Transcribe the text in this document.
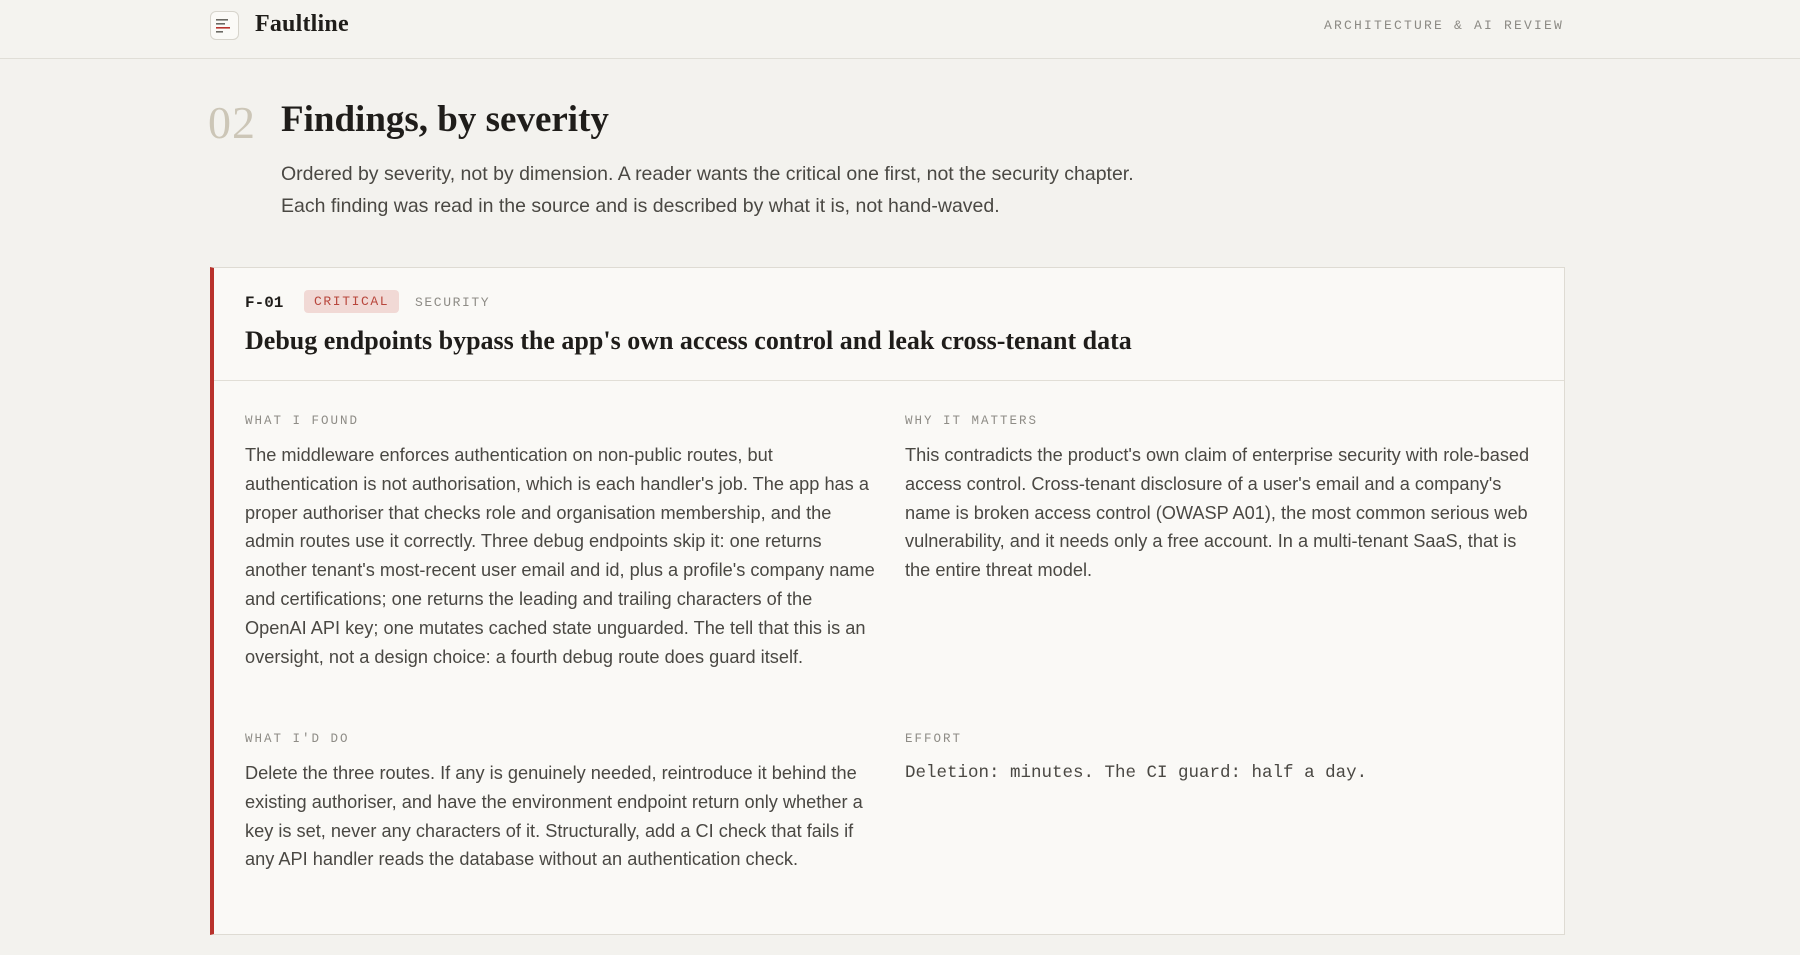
Faultline	ARCHITECTURE & AI REVIEW
02 Findings, by severity

Ordered by severity, not by dimension. A reader wants the critical one first, not the security chapter. Each finding was read in the source and is described by what it is, not hand-waved.

F-01	CRITICAL	SECURITY
Debug endpoints bypass the app's own access control and leak cross-tenant data

WHAT I FOUND

The middleware enforces authentication on non-public routes, but authentication is not authorisation, which is each handler's job. The app has a proper authoriser that checks role and organisation membership, and the admin routes use it correctly. Three debug endpoints skip it: one returns another tenant's most-recent user email and id, plus a profile's company name and certifications; one returns the leading and trailing characters of the OpenAI API key; one mutates cached state unguarded. The tell that this is an oversight, not a design choice: a fourth debug route does guard itself.

WHY IT MATTERS

This contradicts the product's own claim of enterprise security with role-based access control. Cross-tenant disclosure of a user's email and a company's name is broken access control (OWASP A01), the most common serious web vulnerability, and it needs only a free account. In a multi-tenant SaaS, that is the entire threat model.

WHAT I'D DO

Delete the three routes. If any is genuinely needed, reintroduce it behind the existing authoriser, and have the environment endpoint return only whether a key is set, never any characters of it. Structurally, add a CI check that fails if any API handler reads the database without an authentication check.

EFFORT

Deletion: minutes. The CI guard: half a day.
